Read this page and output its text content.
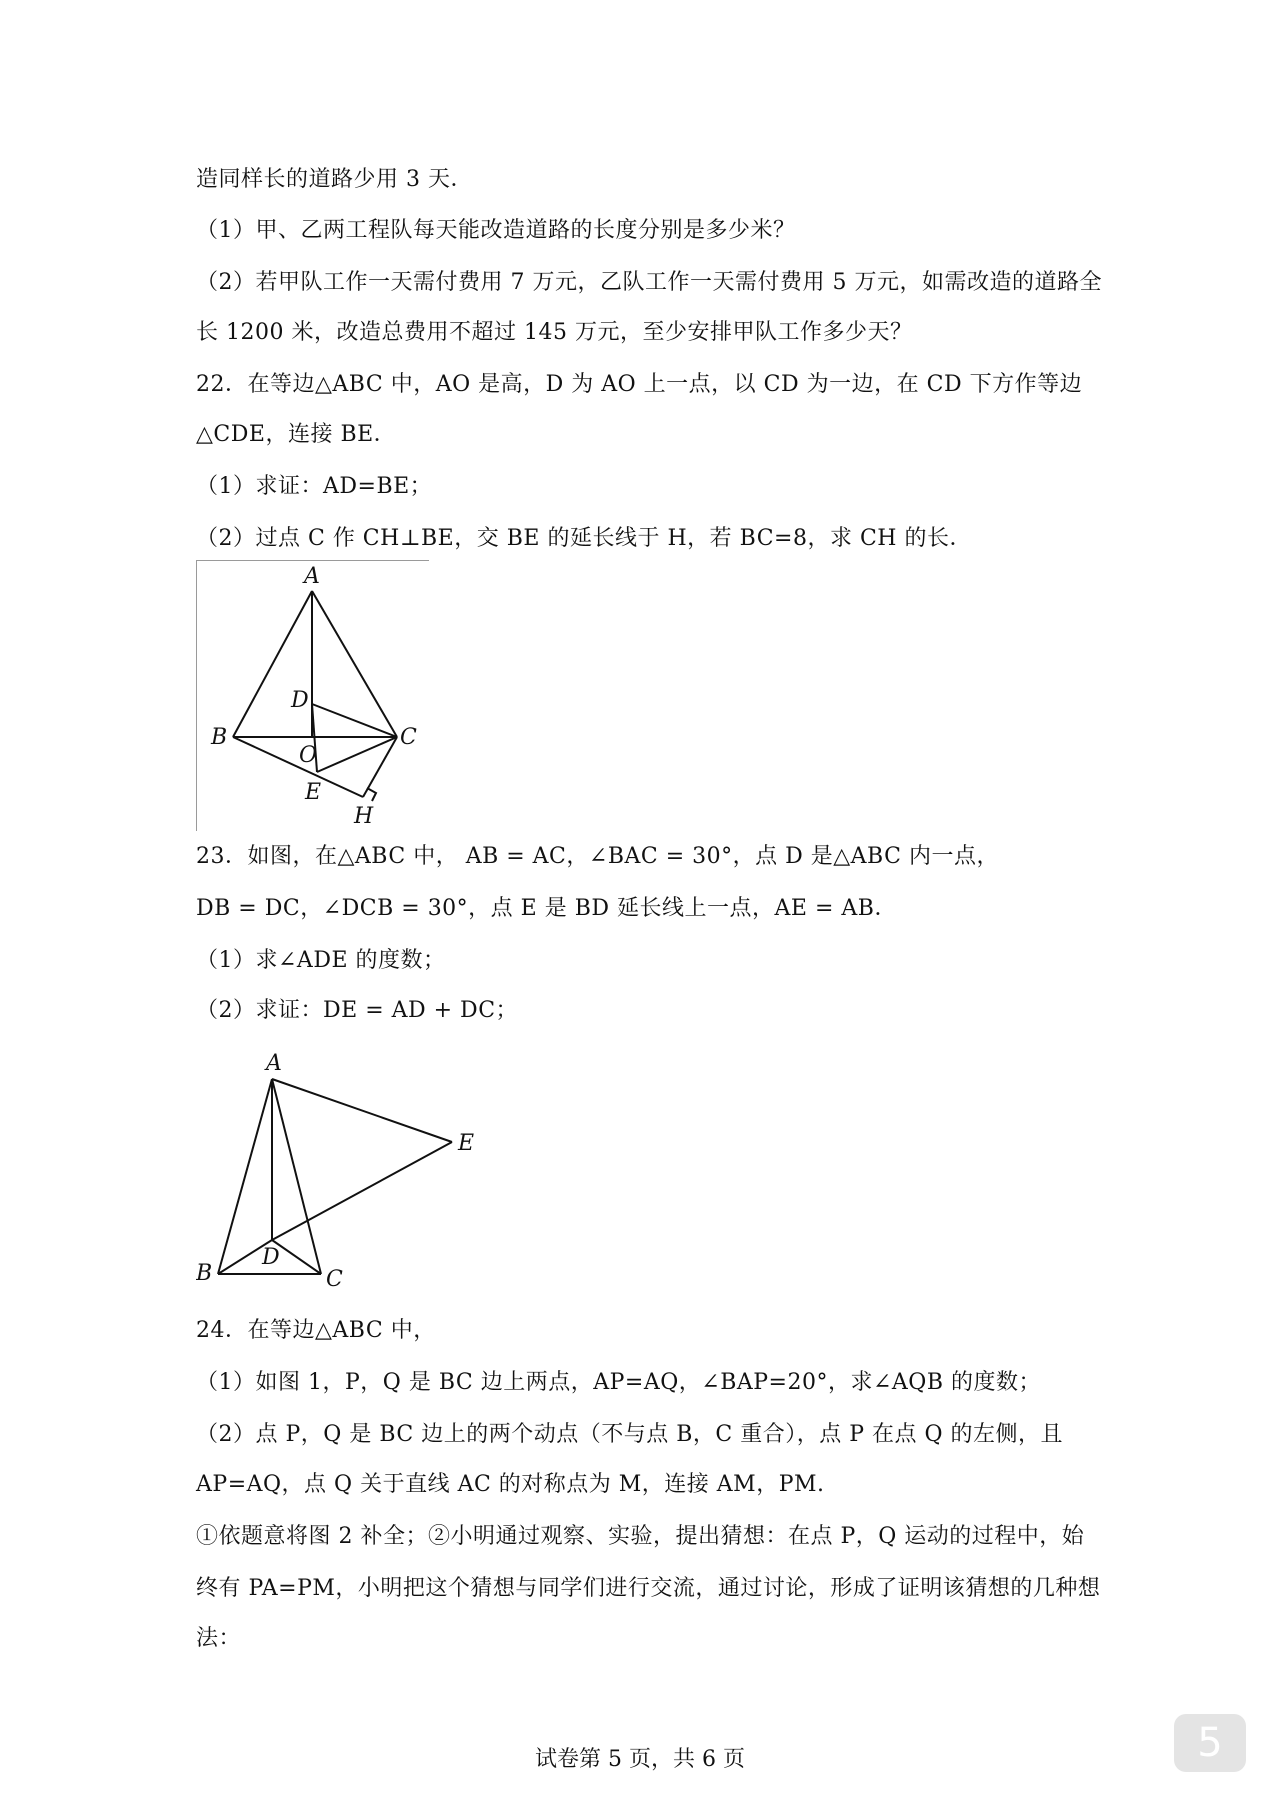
造同样长的道路少用 3 天．
（1）甲、乙两工程队每天能改造道路的长度分别是多少米？
（2）若甲队工作一天需付费用 7 万元，乙队工作一天需付费用 5 万元，如需改造的道路全
长 1200 米，改造总费用不超过 145 万元，至少安排甲队工作多少天？
22．在等边△ABC 中，AO 是高，D 为 AO 上一点，以 CD 为一边，在 CD 下方作等边
△CDE，连接 BE．
（1）求证：AD=BE；
（2）过点 C 作 CH⊥BE，交 BE 的延长线于 H，若 BC=8，求 CH 的长．
A
B	C
D
O
E
H
23．如图，在△ABC 中， AB = AC，∠BAC = 30°，点 D 是△ABC 内一点，
DB = DC，∠DCB = 30°，点 E 是 BD 延长线上一点，AE = AB．
（1）求∠ADE 的度数；
（2）求证：DE = AD + DC；
A
B	C
D
E
24．在等边△ABC 中，
（1）如图 1，P，Q 是 BC 边上两点，AP=AQ，∠BAP=20°，求∠AQB 的度数；
（2）点 P，Q 是 BC 边上的两个动点（不与点 B，C 重合），点 P 在点 Q 的左侧，且
AP=AQ，点 Q 关于直线 AC 的对称点为 M，连接 AM，PM.
①依题意将图 2 补全；②小明通过观察、实验，提出猜想：在点 P，Q 运动的过程中，始
终有 PA=PM，小明把这个猜想与同学们进行交流，通过讨论，形成了证明该猜想的几种想
法：
试卷第 5 页，共 6 页	5
